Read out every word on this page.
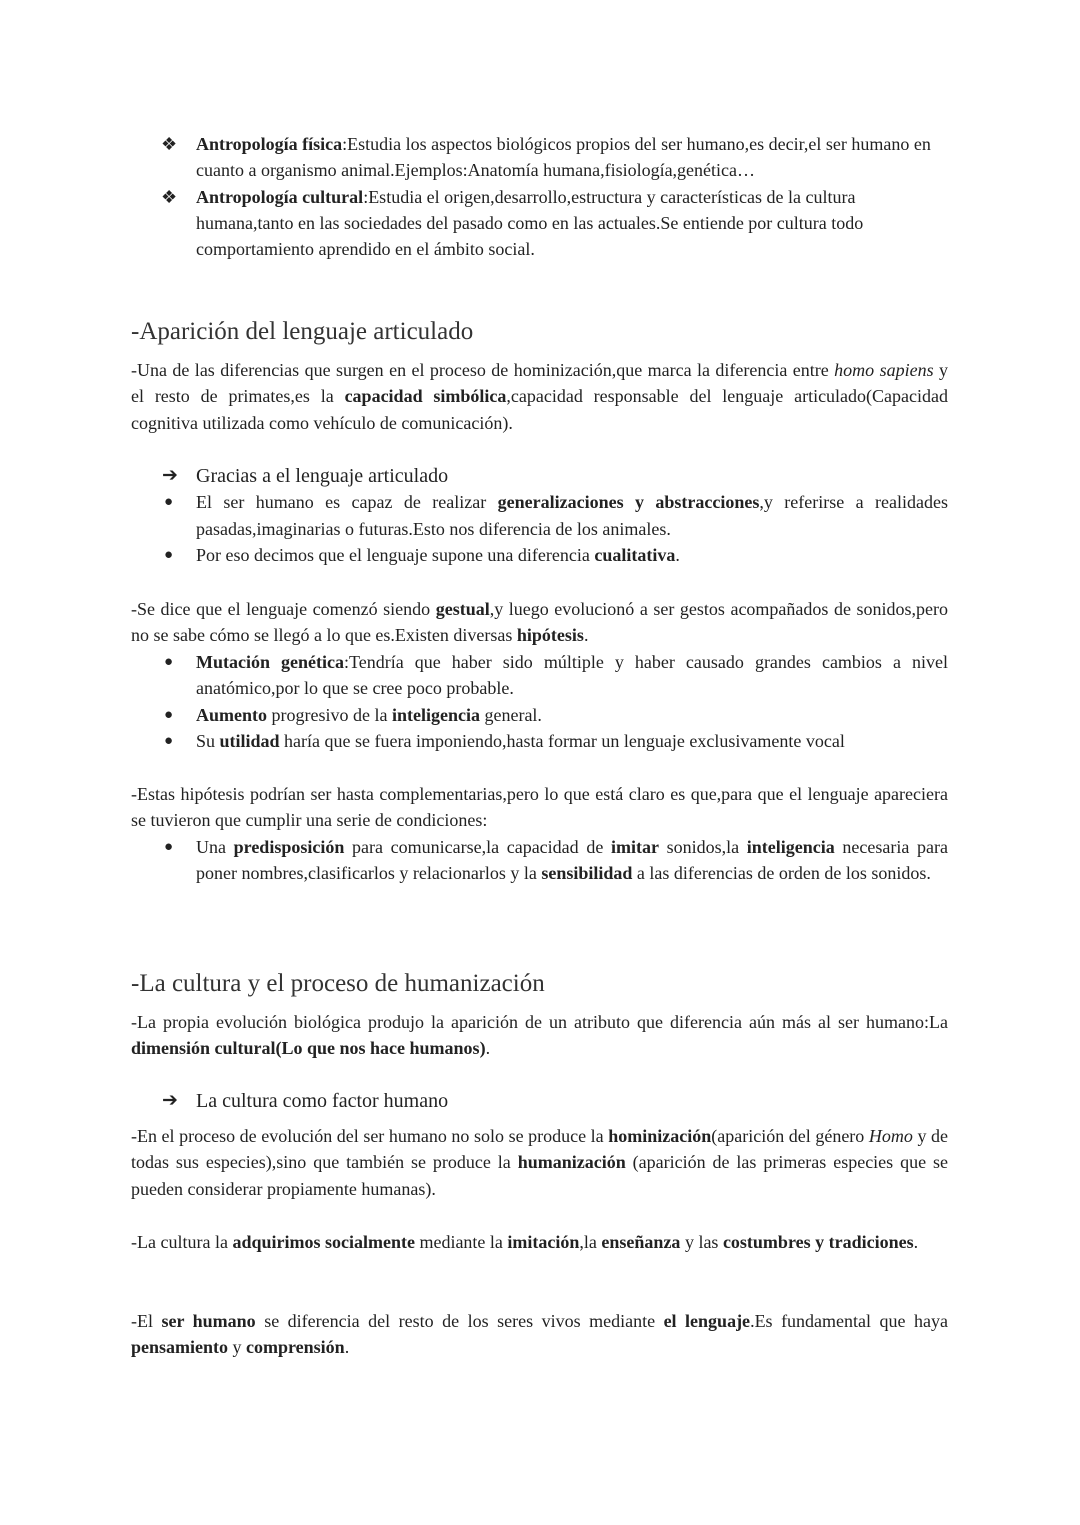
❖ Antropología física:Estudia los aspectos biológicos propios del ser humano,es decir,el ser humano en cuanto a organismo animal.Ejemplos:Anatomía humana,fisiología,genética…
❖ Antropología cultural:Estudia el origen,desarrollo,estructura y características de la cultura humana,tanto en las sociedades del pasado como en las actuales.Se entiende por cultura todo comportamiento aprendido en el ámbito social.
-Aparición del lenguaje articulado

-Una de las diferencias que surgen en el proceso de hominización,que marca la diferencia entre homo sapiens y el resto de primates,es la capacidad simbólica,capacidad responsable del lenguaje articulado(Capacidad cognitiva utilizada como vehículo de comunicación).

➔ Gracias a el lenguaje articulado
● El ser humano es capaz de realizar generalizaciones y abstracciones,y referirse a realidades pasadas,imaginarias o futuras.Esto nos diferencia de los animales.
● Por eso decimos que el lenguaje supone una diferencia cualitativa.

-Se dice que el lenguaje comenzó siendo gestual,y luego evolucionó a ser gestos acompañados de sonidos,pero no se sabe cómo se llegó a lo que es.Existen diversas hipótesis.

● Mutación genética:Tendría que haber sido múltiple y haber causado grandes cambios a nivel anatómico,por lo que se cree poco probable.
● Aumento progresivo de la inteligencia general.
● Su utilidad haría que se fuera imponiendo,hasta formar un lenguaje exclusivamente vocal

-Estas hipótesis podrían ser hasta complementarias,pero lo que está claro es que,para que el lenguaje apareciera se tuvieron que cumplir una serie de condiciones:

● Una predisposición para comunicarse,la capacidad de imitar sonidos,la inteligencia necesaria para poner nombres,clasificarlos y relacionarlos y la sensibilidad a las diferencias de orden de los sonidos.
-La cultura y el proceso de humanización

-La propia evolución biológica produjo la aparición de un atributo que diferencia aún más al ser humano:La dimensión cultural(Lo que nos hace humanos).

➔ La cultura como factor humano

-En el proceso de evolución del ser humano no solo se produce la hominización(aparición del género Homo y de todas sus especies),sino que también se produce la humanización (aparición de las primeras especies que se pueden considerar propiamente humanas).

-La cultura la adquirimos socialmente mediante la imitación,la enseñanza y las costumbres y tradiciones.

-El ser humano se diferencia del resto de los seres vivos mediante el lenguaje.Es fundamental que haya pensamiento y comprensión.
